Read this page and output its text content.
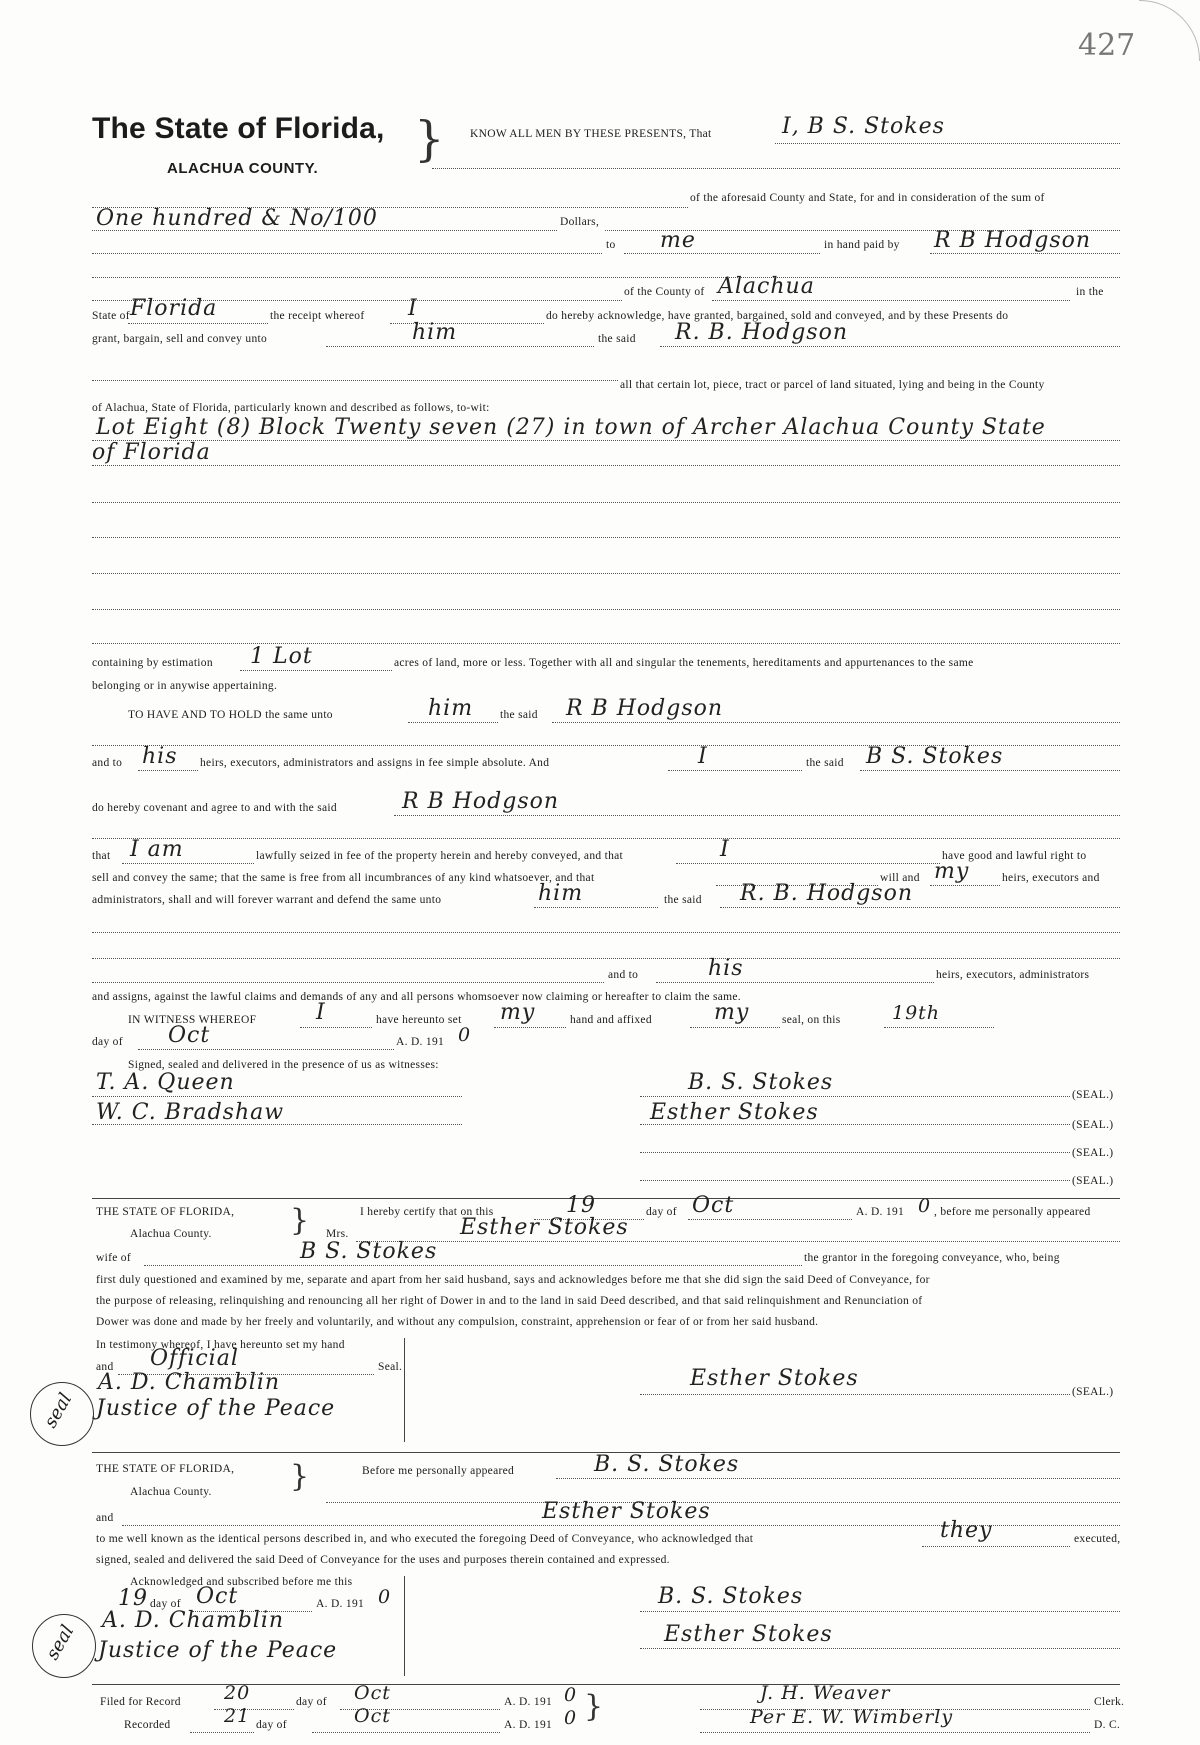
427
The State of Florida,
ALACHUA COUNTY.
} KNOW ALL MEN BY THESE PRESENTS, That	I, B S. Stokes
of the aforesaid County and State, for and in consideration of the sum of
One hundred & No/100	Dollars,
to me	in hand paid by R B Hodgson
of the County of Alachua	in the
State of Florida	the receipt whereof I	do hereby acknowledge, have granted, bargained, sold and conveyed, and by these Presents do
grant, bargain, sell and convey unto	him	the said R. B. Hodgson
all that certain lot, piece, tract or parcel of land situated, lying and being in the County
of Alachua, State of Florida, particularly known and described as follows, to-wit:
Lot Eight (8) Block Twenty seven (27) in town of Archer Alachua County State
of Florida
containing by estimation 1 Lot	acres of land, more or less. Together with all and singular the tenements, hereditaments and appurtenances to the same
belonging or in anywise appertaining.
TO HAVE AND TO HOLD the same unto	him the said R B Hodgson
and to his heirs, executors, administrators and assigns in fee simple absolute. And	I	the said B S. Stokes
do hereby covenant and agree to and with the said	R B Hodgson
that I am	lawfully seized in fee of the property herein and hereby conveyed, and that	I	have good and lawful right to
sell and convey the same; that the same is free from all incumbrances of any kind whatsoever, and that	will and my	heirs, executors and
administrators, shall and will forever warrant and defend the same unto	him	the said R. B. Hodgson
and to	his	heirs, executors, administrators
and assigns, against the lawful claims and demands of any and all persons whomsoever now claiming or hereafter to claim the same.
IN WITNESS WHEREOF	I	have hereunto set my	hand and affixed	my	seal, on this	19th
day of Oct	A. D. 191 0
Signed, sealed and delivered in the presence of us as witnesses:
T. A. Queen
W. C. Bradshaw
B. S. Stokes	(SEAL.)
Esther Stokes	(SEAL.)
(SEAL.)
(SEAL.)
THE STATE OF FLORIDA,
Alachua County.	}	I hereby certify that on this	19	day of Oct	A. D. 191 0 , before me personally appeared
Mrs.	Esther Stokes
wife of	B S. Stokes	the grantor in the foregoing conveyance, who, being
first duly questioned and examined by me, separate and apart from her said husband, says and acknowledges before me that she did sign the said Deed of Conveyance, for
the purpose of releasing, relinquishing and renouncing all her right of Dower in and to the land in said Deed described, and that said relinquishment and Renunciation of
Dower was done and made by her freely and voluntarily, and without any compulsion, constraint, apprehension or fear of or from her said husband.
In testimony whereof, I have hereunto set my hand
and Official	Seal.
A. D. Chamblin
Justice of the Peace
seal
Esther Stokes
(SEAL.)
THE STATE OF FLORIDA,
Alachua County.	}	Before me personally appeared	B. S. Stokes
and	Esther Stokes
to me well known as the identical persons described in, and who executed the foregoing Deed of Conveyance, who acknowledged that	they	executed,
signed, sealed and delivered the said Deed of Conveyance for the uses and purposes therein contained and expressed.
Acknowledged and subscribed before me this
19 day of Oct	A. D. 191 0
A. D. Chamblin
Justice of the Peace
seal
B. S. Stokes
Esther Stokes
Filed for Record 20	day of Oct	A. D. 191 0
Recorded	21 day of	Oct	A. D. 191 0 }	J. H. Weaver	Clerk.
Per E. W. Wimberly	D. C.
